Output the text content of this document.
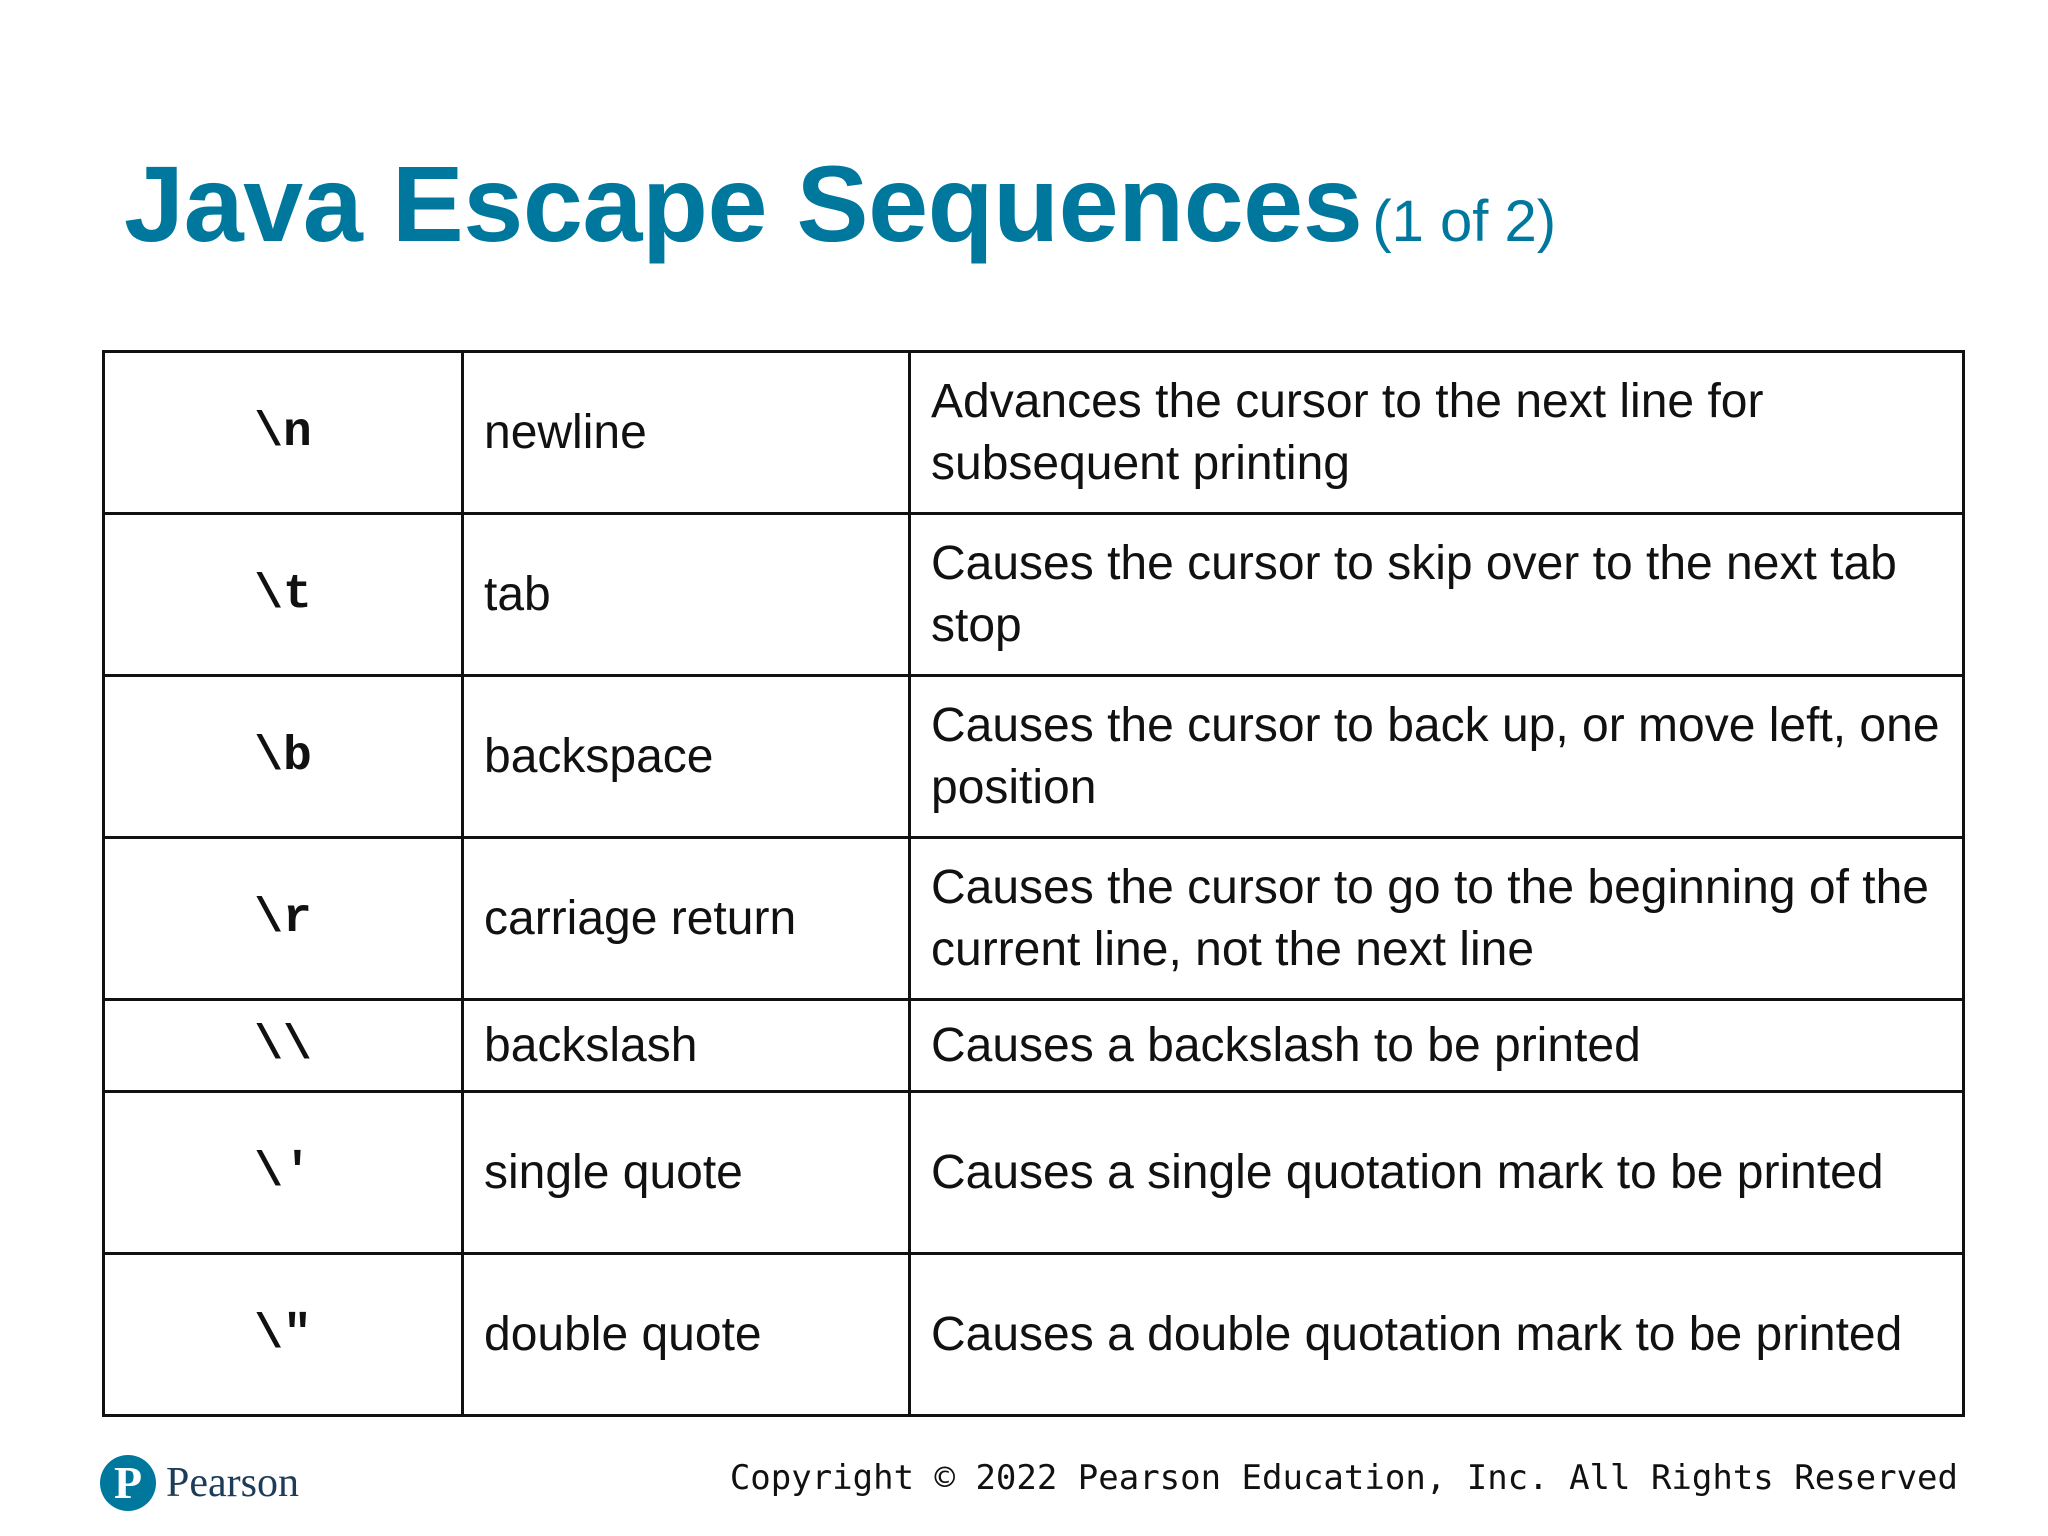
Java Escape Sequences (1 of 2)
\n	newline	Advances the cursor to the next line for subsequent printing
\t	tab	Causes the cursor to skip over to the next tab stop
\b	backspace	Causes the cursor to back up, or move left, one position
\r	carriage return	Causes the cursor to go to the beginning of the current line, not the next line
\\	backslash	Causes a backslash to be printed
\′	single quote	Causes a single quotation mark to be printed
\″	double quote	Causes a double quotation mark to be printed
P Pearson	Copyright © 2022 Pearson Education, Inc. All Rights Reserved
